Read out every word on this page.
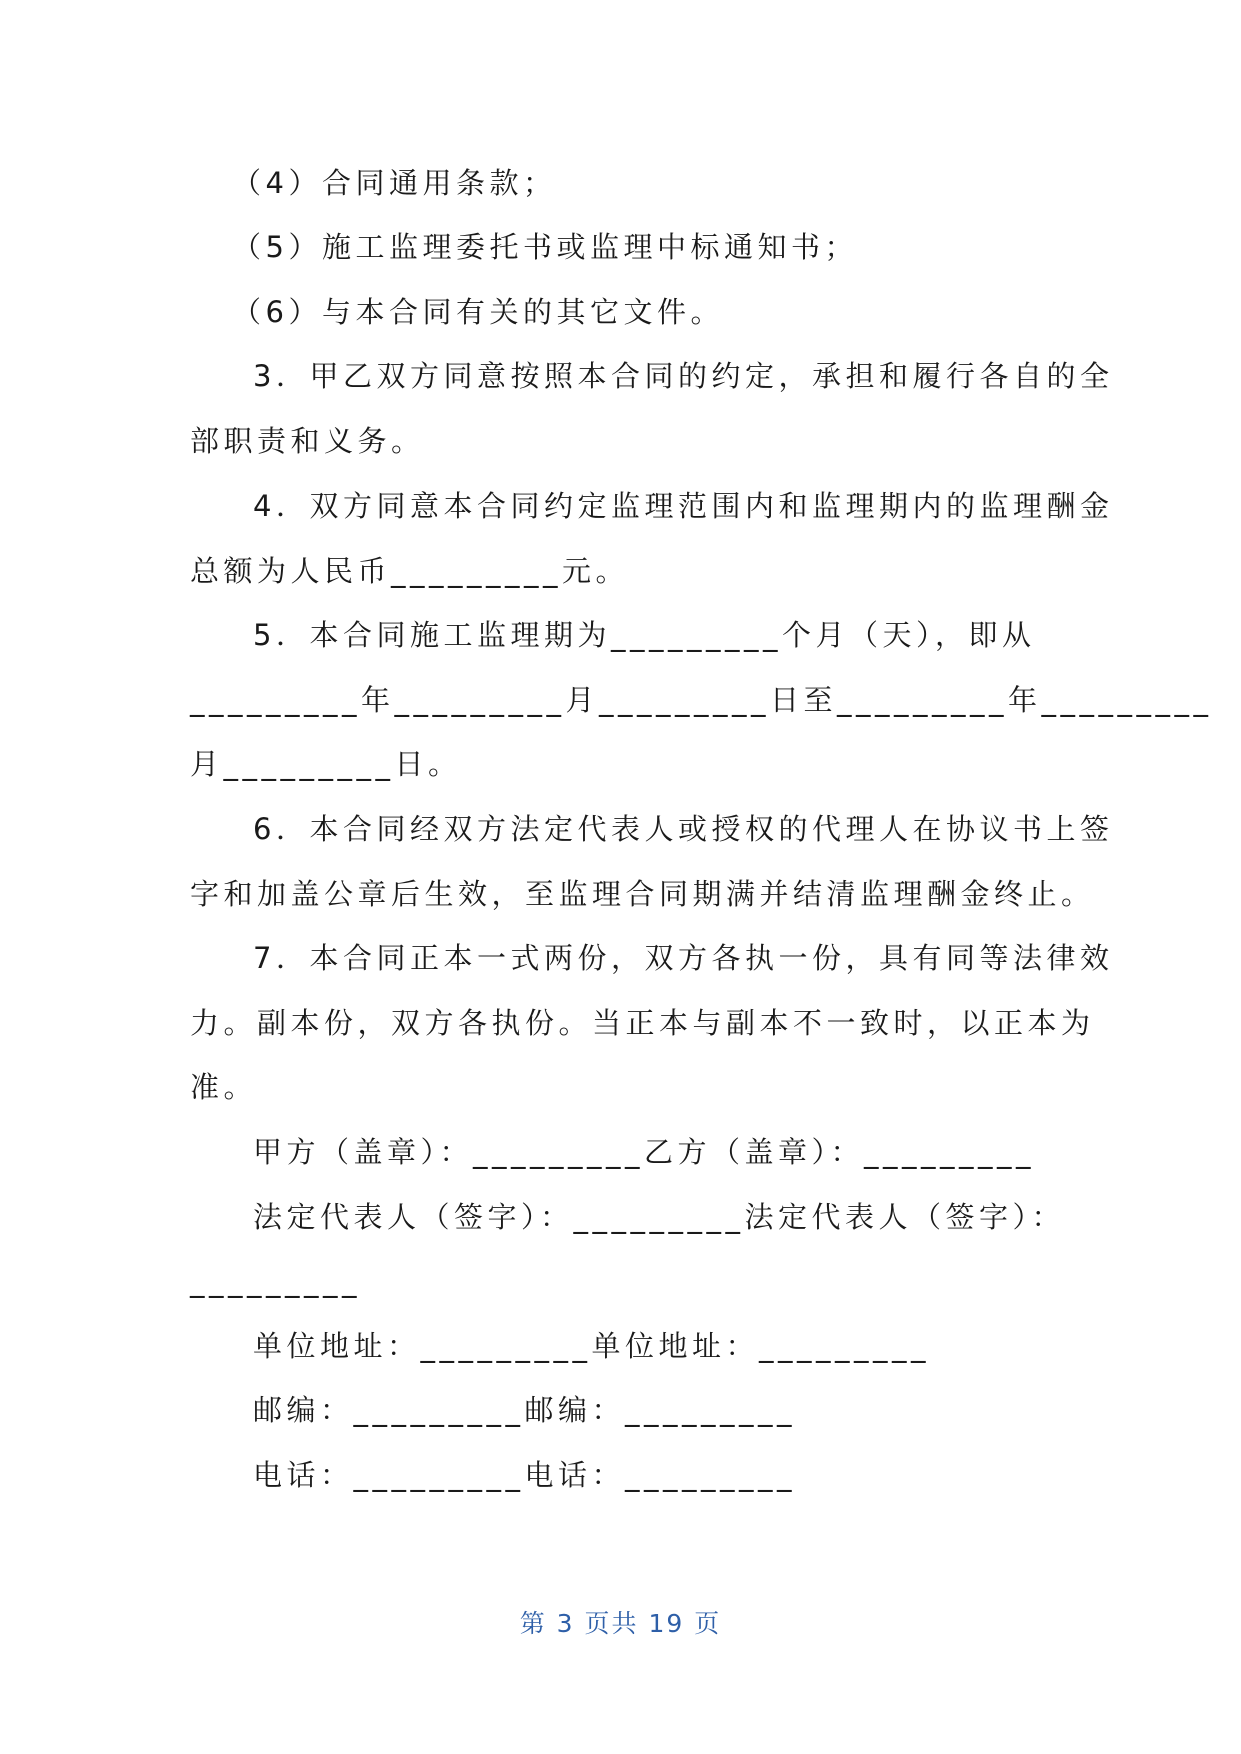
（4）合同通用条款；
（5）施工监理委托书或监理中标通知书；
（6）与本合同有关的其它文件。
3．甲乙双方同意按照本合同的约定，承担和履行各自的全
部职责和义务。
4．双方同意本合同约定监理范围内和监理期内的监理酬金
总额为人民币_________元。
5．本合同施工监理期为_________个月（天），即从
_________年_________月_________日至_________年_________
月_________日。
6．本合同经双方法定代表人或授权的代理人在协议书上签
字和加盖公章后生效，至监理合同期满并结清监理酬金终止。
7．本合同正本一式两份，双方各执一份，具有同等法律效
力。副本份，双方各执份。当正本与副本不一致时，以正本为
准。
甲方（盖章）：_________乙方（盖章）：_________
法定代表人（签字）：_________法定代表人（签字）：
_________
单位地址：_________单位地址：_________
邮编：_________邮编：_________
电话：_________电话：_________
第 3 页共 19 页
